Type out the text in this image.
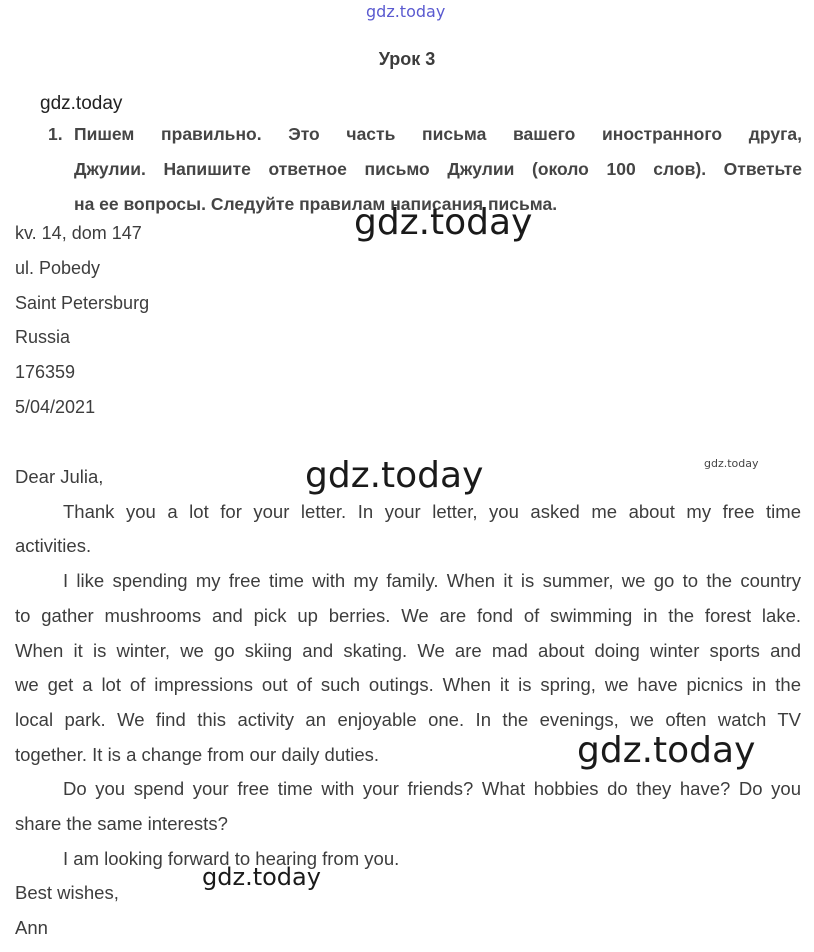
gdz.today
Урок 3
gdz.today
1. Пишем правильно. Это часть письма вашего иностранного друга,
Джулии. Напишите ответное письмо Джулии (около 100 слов). Ответьте
на ее вопросы. Следуйте правилам написания письма.
kv. 14, dom 147
ul. Pobedy
Saint Petersburg
Russia
176359
5/04/2021
Dear Julia,
Thank you a lot for your letter. In your letter, you asked me about my free time
activities.
I like spending my free time with my family. When it is summer, we go to the country
to gather mushrooms and pick up berries. We are fond of swimming in the forest lake.
When it is winter, we go skiing and skating. We are mad about doing winter sports and
we get a lot of impressions out of such outings. When it is spring, we have picnics in the
local park. We find this activity an enjoyable one. In the evenings, we often watch TV
together. It is a change from our daily duties.
Do you spend your free time with your friends? What hobbies do they have? Do you
share the same interests?
I am looking forward to hearing from you.
Best wishes,
Ann
gdz.today
gdz.today	gdz.today
gdz.today
gdz.today
